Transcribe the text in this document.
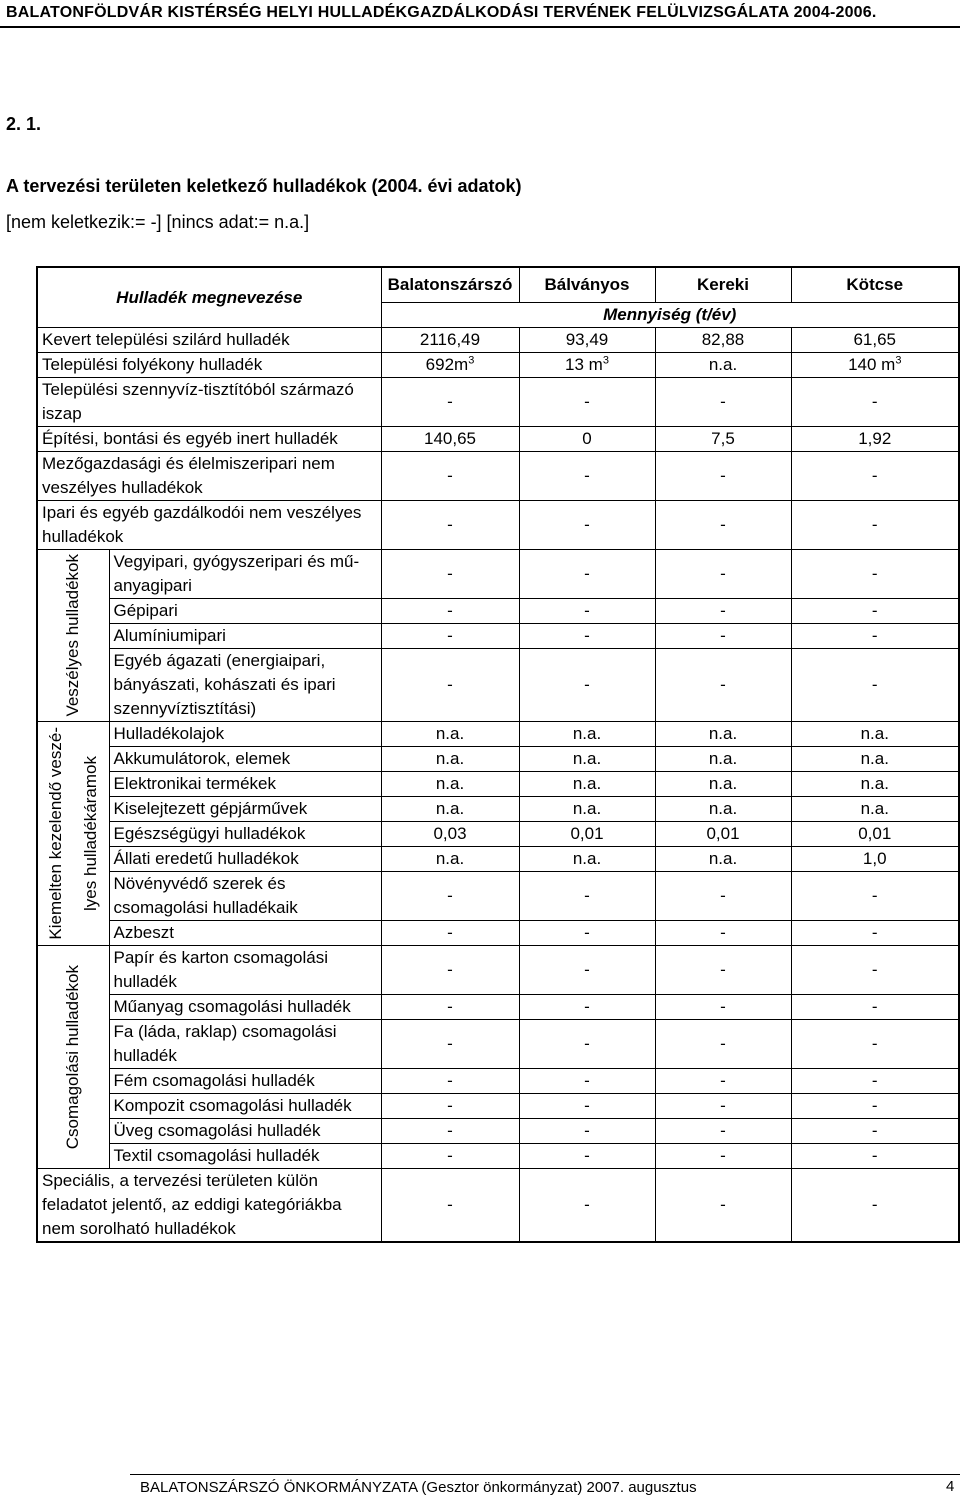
BALATONFÖLDVÁR KISTÉRSÉG HELYI HULLADÉKGAZDÁLKODÁSI TERVÉNEK FELÜLVIZSGÁLATA 2004-2006.
2. 1.
A tervezési területen keletkező hulladékok (2004. évi adatok)
[nem keletkezik:= -] [nincs adat:= n.a.]
Hulladék megnevezése		Balatonszárszó	Bálványos	Kereki	Kötcse
		Mennyiség (t/év)			
Kevert települési szilárd hulladék		2116,49	93,49	82,88	61,65
Települési folyékony hulladék		$692m^3$	13 $m^3$	n.a.	140 $m^3$
Települési szennyvíz-tisztítóból származó iszap		-	-	-	-
Építési, bontási és egyéb inert hulladék		140,65	0	7,5	1,92
Mezőgazdasági és élelmiszeripari nem veszélyes hulladékok		-	-	-	-
Ipari és egyéb gazdálkodói nem veszélyes hulladékok		-	-	-	-

Veszélyes hulladékok	Vegyipari, gyógyszeripari és mű-anyagipari	-	-	-	-
	Gépipari	-	-	-	-
	Alumíniumipari	-	-	-	-
	Egyéb ágazati (energiaipari, bányászati, kohászati és ipari szennyvíztisztítási)	-	-	-	-

Kiemelten kezelendő veszé- lyes hulladékáramok	Hulladékolajok	n.a.	n.a.	n.a.	n.a.
	Akkumulátorok, elemek	n.a.	n.a.	n.a.	n.a.
	Elektronikai termékek	n.a.	n.a.	n.a.	n.a.
	Kiselejtezett gépjárművek	n.a.	n.a.	n.a.	n.a.
	Egészségügyi hulladékok	0,03	0,01	0,01	0,01
	Állati eredetű hulladékok	n.a.	n.a.	n.a.	1,0
	Növényvédő szerek és csomagolási hulladékaik	-	-	-	-
	Azbeszt	-	-	-	-

Csomagolási hulladékok	Papír és karton csomagolási hulladék	-	-	-	-
	Műanyag csomagolási hulladék	-	-	-	-
	Fa (láda, raklap) csomagolási hulladék	-	-	-	-
	Fém csomagolási hulladék	-	-	-	-
	Kompozit csomagolási hulladék	-	-	-	-
	Üveg csomagolási hulladék	-	-	-	-
	Textil csomagolási hulladék	-	-	-	-
Speciális, a tervezési területen külön feladatot jelentő, az eddigi kategóriákba nem sorolható hulladékok		-	-	-	-
BALATONSZÁRSZÓ ÖNKORMÁNYZATA (Gesztor önkormányzat) 2007. augusztus	4
